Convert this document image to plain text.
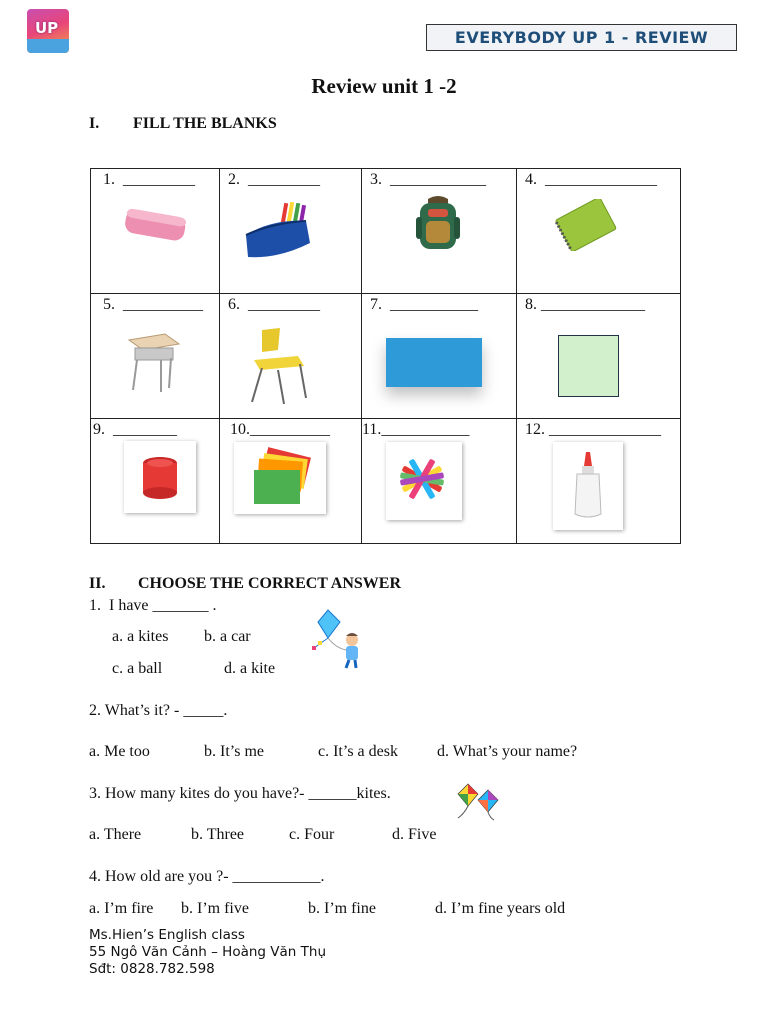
UP	EVERYBODY UP 1 - REVIEW
Review unit 1 -2
I. FILL THE BLANKS
1.  _________	2.  _________	3.  ____________	4.  ______________

5.  __________	6.  _________	7.  ___________	8. _____________

9.  ________	10.__________	11.___________	12. ______________
II. CHOOSE THE CORRECT ANSWER
1.  I have _______ .
a. a kites b. a car
c. a ball	d. a kite
2. What’s it? - _____.
a. Me too	b. It’s me	c. It’s a desk d. What’s your name?
3. How many kites do you have?- ______kites.
a. There	b. Three	c. Four	d. Five
4. How old are you ?- ___________.
a. I’m fire b. I’m five	b. I’m fine	d. I’m fine years old
Ms.Hien’s English class
55 Ngô Văn Cảnh – Hoàng Văn Thụ
Sđt: 0828.782.598
